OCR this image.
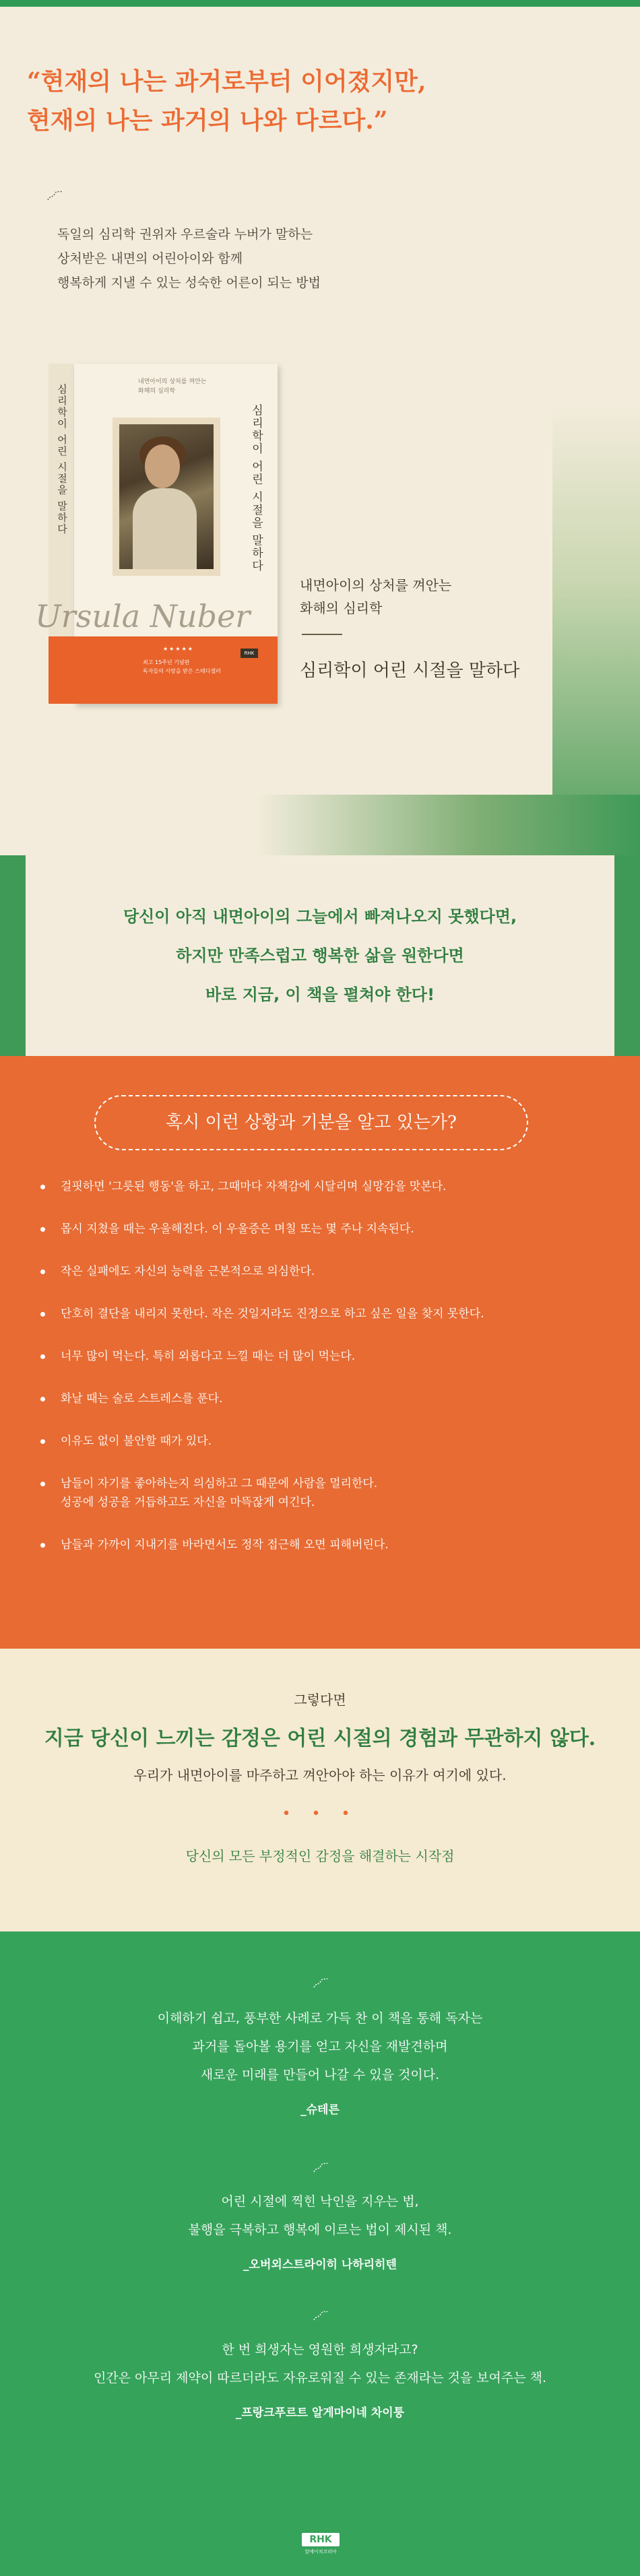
“현재의 나는 과거로부터 이어졌지만,
현재의 나는 과거의 나와 다르다.”
독일의 심리학 권위자 우르술라 누버가 말하는
상처받은 내면의 어린아이와 함께
행복하게 지낼 수 있는 성숙한 어른이 되는 방법
심리학이 어린 시절을 말하다
내면아이의 상처를 껴안는
화해의 심리학
심리학이 어린 시절을 말하다
Ursula Nuber
★★★★★
최고 15주년 기념판
독자들의 사랑을 받은 스테디셀러
RHK
내면아이의 상처를 껴안는
화해의 심리학
심리학이 어린 시절을 말하다
당신이 아직 내면아이의 그늘에서 빠져나오지 못했다면,
하지만 만족스럽고 행복한 삶을 원한다면
바로 지금, 이 책을 펼쳐야 한다!
혹시 이런 상황과 기분을 알고 있는가?
걸핏하면 '그릇된 행동'을 하고, 그때마다 자책감에 시달리며 실망감을 맛본다.
몹시 지쳤을 때는 우울해진다. 이 우울증은 며칠 또는 몇 주나 지속된다.
작은 실패에도 자신의 능력을 근본적으로 의심한다.
단호히 결단을 내리지 못한다. 작은 것일지라도 진정으로 하고 싶은 일을 찾지 못한다.
너무 많이 먹는다. 특히 외롭다고 느낄 때는 더 많이 먹는다.
화날 때는 술로 스트레스를 푼다.
이유도 없이 불안할 때가 있다.
남들이 자기를 좋아하는지 의심하고 그 때문에 사람을 멀리한다.
성공에 성공을 거듭하고도 자신을 마뜩잖게 여긴다.
남들과 가까이 지내기를 바라면서도 정작 접근해 오면 피해버린다.
그렇다면
지금 당신이 느끼는 감정은 어린 시절의 경험과 무관하지 않다.
우리가 내면아이를 마주하고 껴안아야 하는 이유가 여기에 있다.
• • •
당신의 모든 부정적인 감정을 해결하는 시작점
이해하기 쉽고, 풍부한 사례로 가득 찬 이 책을 통해 독자는
과거를 돌아볼 용기를 얻고 자신을 재발견하며
새로운 미래를 만들어 나갈 수 있을 것이다.
_슈테른
어린 시절에 찍힌 낙인을 지우는 법,
불행을 극복하고 행복에 이르는 법이 제시된 책.
_오버외스트라이히 나하리히텐
한 번 희생자는 영원한 희생자라고?
인간은 아무리 제약이 따르더라도 자유로워질 수 있는 존재라는 것을 보여주는 책.
_프랑크푸르트 알게마이네 차이퉁
RHK
알에이치코리아
